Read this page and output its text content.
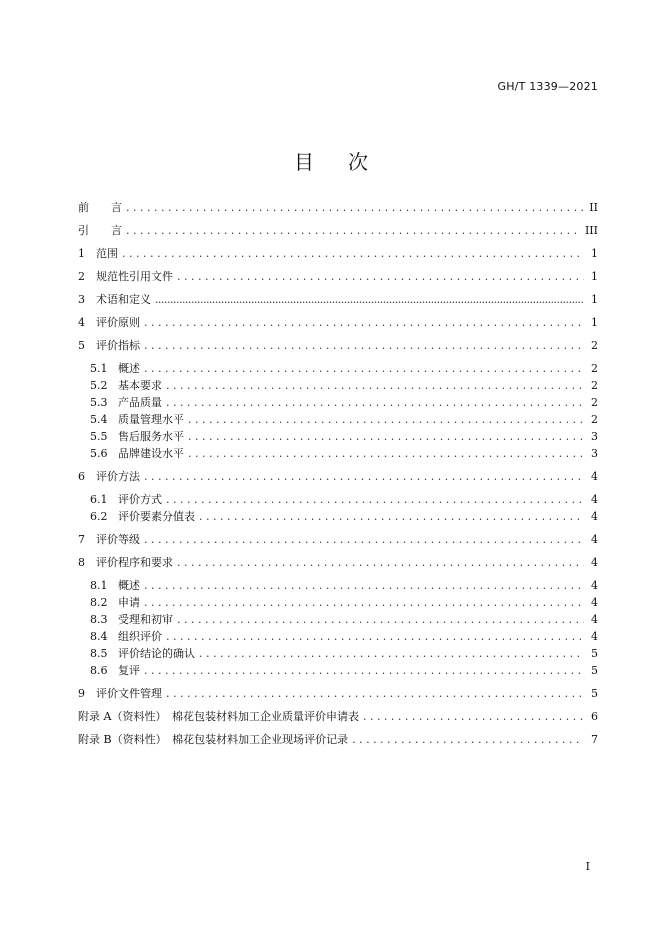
GH/T 1339—2021
目 次
前 言 . . .	II
引 言 . . .	III
1 范围 . . .	1
2 规范性引用文件 . . .	1
3 术语和定义 .....	1
4 评价原则 . . .	1
5 评价指标 . . .	2
5.1 概述 . . .	2
5.2 基本要求 . . .	2
5.3 产品质量 . . .	2
5.4 质量管理水平 . . .	2
5.5 售后服务水平 . . .	3
5.6 品牌建设水平 . . .	3
6 评价方法 . . .	4
6.1 评价方式 . . .	4
6.2 评价要素分值表 . . .	4
7 评价等级 . . .	4
8 评价程序和要求 . . .	4
8.1 概述 . . .	4
8.2 申请 . . .	4
8.3 受理和初审 . . .	4
8.4 组织评价 . . .	4
8.5 评价结论的确认 . . .	5
8.6 复评 . . .	5
9 评价文件管理 . . .	5
附录 A（资料性）　棉花包装材料加工企业质量评价申请表 . . .	6
附录 B（资料性）　棉花包装材料加工企业现场评价记录 . . .	7
I
